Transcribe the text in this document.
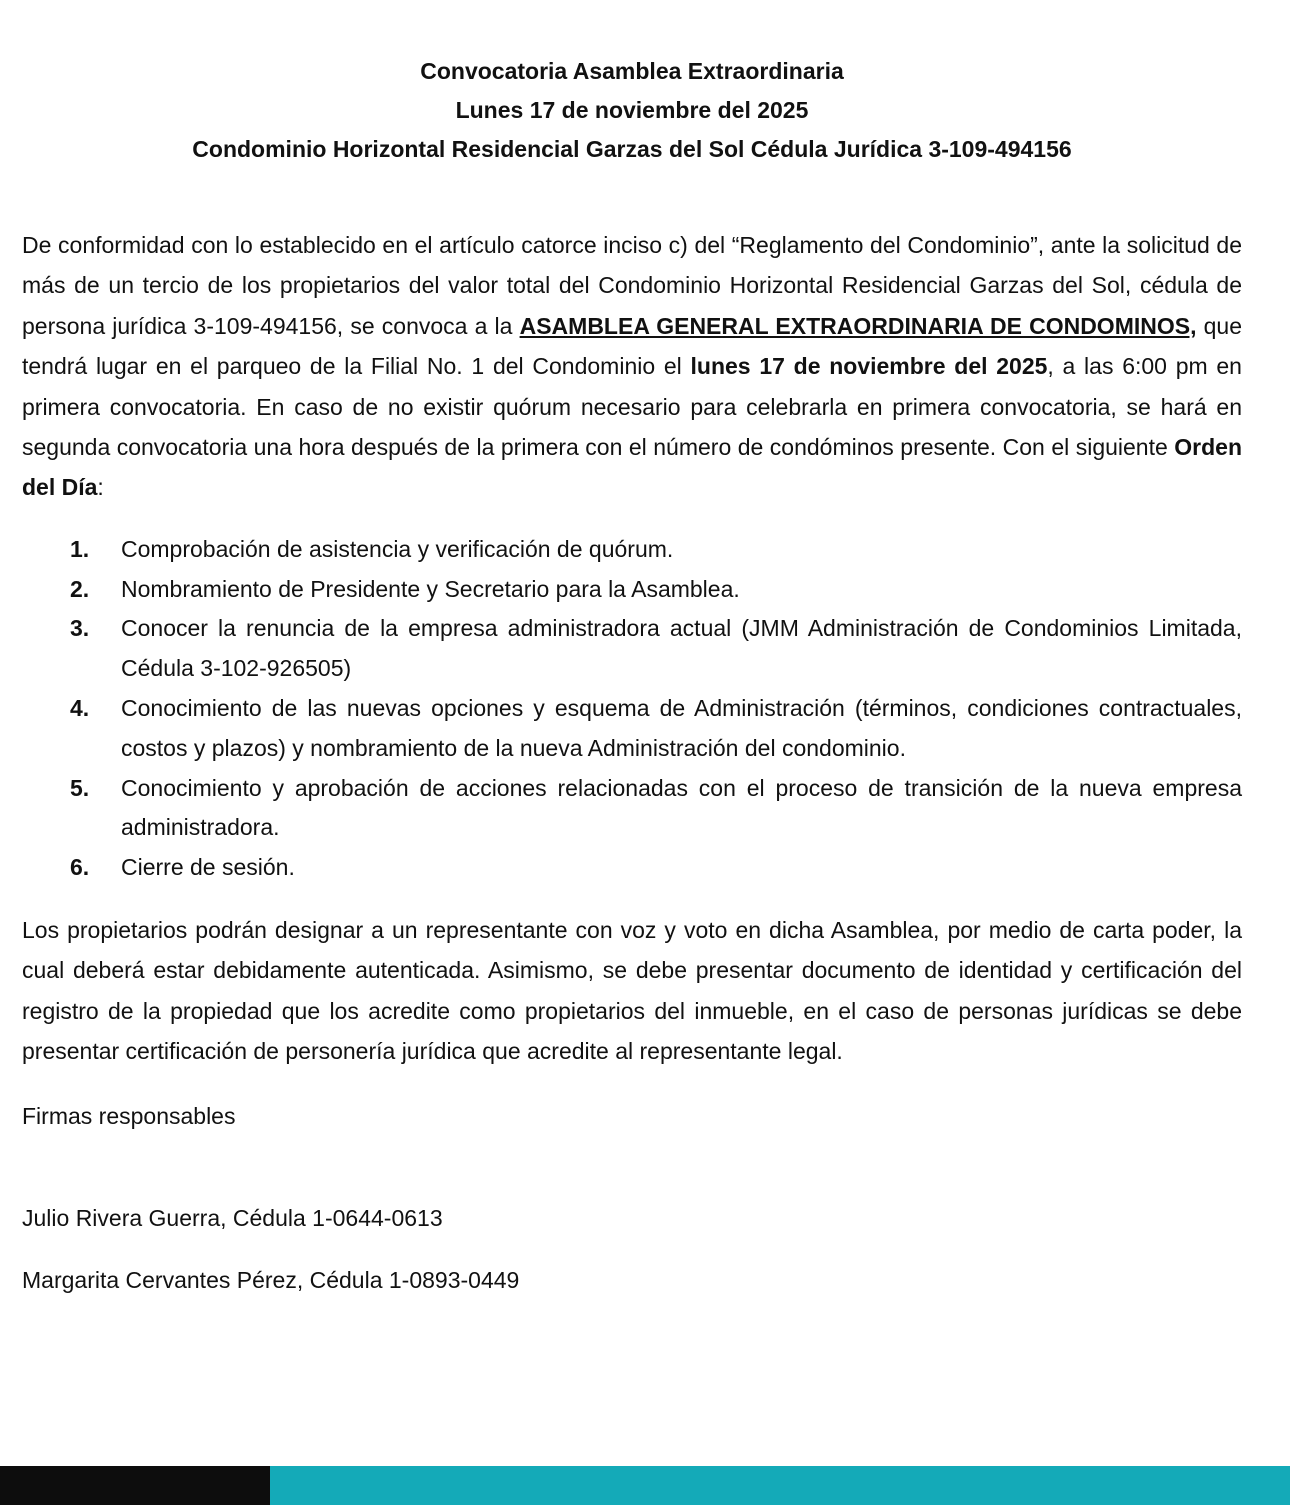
Convocatoria Asamblea Extraordinaria
Lunes 17 de noviembre del 2025
Condominio Horizontal Residencial Garzas del Sol Cédula Jurídica 3-109-494156

De conformidad con lo establecido en el artículo catorce inciso c) del “Reglamento del Condominio”, ante la solicitud de más de un tercio de los propietarios del valor total del Condominio Horizontal Residencial Garzas del Sol, cédula de persona jurídica 3-109-494156, se convoca a la ASAMBLEA GENERAL EXTRAORDINARIA DE CONDOMINOS, que tendrá lugar en el parqueo de la Filial No. 1 del Condominio el lunes 17 de noviembre del 2025, a las 6:00 pm en primera convocatoria. En caso de no existir quórum necesario para celebrarla en primera convocatoria, se hará en segunda convocatoria una hora después de la primera con el número de condóminos presente. Con el siguiente Orden del Día:

1. Comprobación de asistencia y verificación de quórum.
2. Nombramiento de Presidente y Secretario para la Asamblea.
3. Conocer la renuncia de la empresa administradora actual (JMM Administración de Condominios Limitada, Cédula 3-102-926505)
4. Conocimiento de las nuevas opciones y esquema de Administración (términos, condiciones contractuales, costos y plazos) y nombramiento de la nueva Administración del condominio.
5. Conocimiento y aprobación de acciones relacionadas con el proceso de transición de la nueva empresa administradora.
6. Cierre de sesión.

Los propietarios podrán designar a un representante con voz y voto en dicha Asamblea, por medio de carta poder, la cual deberá estar debidamente autenticada. Asimismo, se debe presentar documento de identidad y certificación del registro de la propiedad que los acredite como propietarios del inmueble, en el caso de personas jurídicas se debe presentar certificación de personería jurídica que acredite al representante legal.

Firmas responsables
Julio Rivera Guerra, Cédula 1-0644-0613
Margarita Cervantes Pérez, Cédula 1-0893-0449
